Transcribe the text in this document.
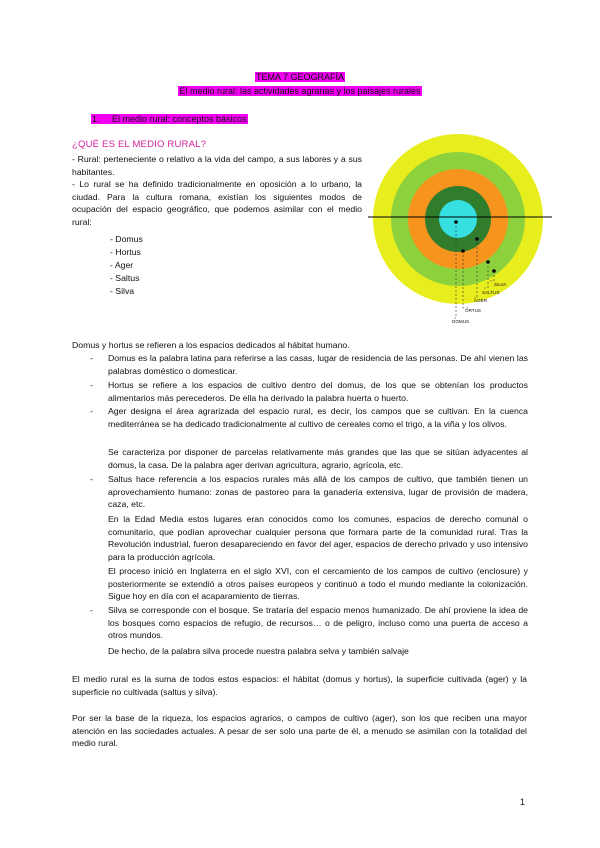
TEMA 7 GEOGRAFÍA
El medio rural: las actividades agrarias y los paisajes rurales
1. El medio rural: conceptos básicos
¿QUÉ ES EL MEDIO RURAL?
- Rural: perteneciente o relativo a la vida del campo, a sus labores y a sus habitantes.
- Lo rural se ha definido tradicionalmente en oposición a lo urbano, la ciudad. Para la cultura romana, existían los siguientes modos de ocupación del espacio geográfico, que podemos asimilar con el medio rural:
- Domus
- Hortus
- Ager
- Saltus
- Silva
SILVA
SALTUS
AGER
ORTUS
DOMUS
Domus y hortus se refieren a los espacios dedicados al hábitat humano.
- Domus es la palabra latina para referirse a las casas, lugar de residencia de las personas. De ahí vienen las palabras doméstico o domesticar.
- Hortus se refiere a los espacios de cultivo dentro del domus, de los que se obtenían los productos alimentarios más perecederos. De ella ha derivado la palabra huerta o huerto.
- Ager designa el área agrarizada del espacio rural, es decir, los campos que se cultivan. En la cuenca mediterránea se ha dedicado tradicionalmente al cultivo de cereales como el trigo, a la viña y los olivos.
Se caracteriza por disponer de parcelas relativamente más grandes que las que se sitúan adyacentes al domus, la casa. De la palabra ager derivan agricultura, agrario, agrícola, etc.
- Saltus hace referencia a los espacios rurales más allá de los campos de cultivo, que también tienen un aprovechamiento humano: zonas de pastoreo para la ganadería extensiva, lugar de provisión de madera, caza, etc.
En la Edad Media estos lugares eran conocidos como los comunes, espacios de derecho comunal o comunitario, que podían aprovechar cualquier persona que formara parte de la comunidad rural. Tras la Revolución industrial, fueron desapareciendo en favor del ager, espacios de derecho privado y uso intensivo para la producción agrícola.
El proceso inició en Inglaterra en el siglo XVI, con el cercamiento de los campos de cultivo (enclosure) y posteriormente se extendió a otros países europeos y continuó a todo el mundo mediante la colonización. Sigue hoy en día con el acaparamiento de tierras.
- Silva se corresponde con el bosque. Se trataría del espacio menos humanizado. De ahí proviene la idea de los bosques como espacios de refugio, de recursos… o de peligro, incluso como una puerta de acceso a otros mundos.
De hecho, de la palabra silva procede nuestra palabra selva y también salvaje
El medio rural es la suma de todos estos espacios: el hábitat (domus y hortus), la superficie cultivada (ager) y la superficie no cultivada (saltus y silva).
Por ser la base de la riqueza, los espacios agrarios, o campos de cultivo (ager), son los que reciben una mayor atención en las sociedades actuales. A pesar de ser solo una parte de él, a menudo se asimilan con la totalidad del medio rural.
1
